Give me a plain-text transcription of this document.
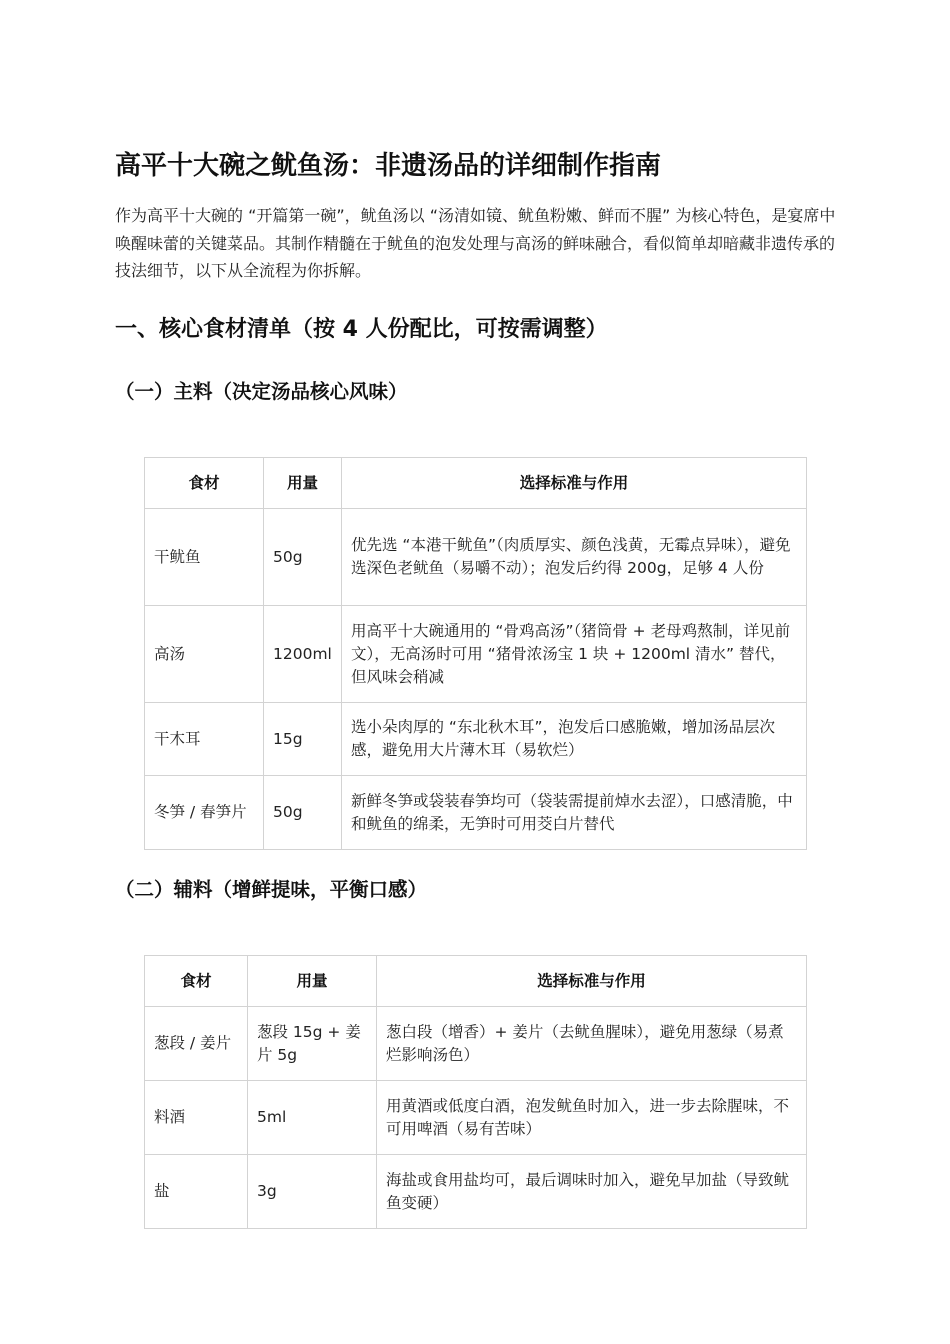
高平十大碗之鱿鱼汤：非遗汤品的详细制作指南

作为高平十大碗的 “开篇第一碗”，鱿鱼汤以 “汤清如镜、鱿鱼粉嫩、鲜而不腥” 为核心特色，是宴席中唤醒味蕾的关键菜品。其制作精髓在于鱿鱼的泡发处理与高汤的鲜味融合，看似简单却暗藏非遗传承的技法细节，以下从全流程为你拆解。

一、核心食材清单（按 4 人份配比，可按需调整）
（一）主料（决定汤品核心风味）
食材	用量	选择标准与作用
干鱿鱼	50g	优先选 “本港干鱿鱼”（肉质厚实、颜色浅黄，无霉点异味），避免选深色老鱿鱼（易嚼不动）；泡发后约得 200g，足够 4 人份
高汤	1200ml	用高平十大碗通用的 “骨鸡高汤”（猪筒骨 + 老母鸡熬制，详见前文），无高汤时可用 “猪骨浓汤宝 1 块 + 1200ml 清水” 替代，但风味会稍减
干木耳	15g	选小朵肉厚的 “东北秋木耳”，泡发后口感脆嫩，增加汤品层次感，避免用大片薄木耳（易软烂）
冬笋 / 春笋片	50g	新鲜冬笋或袋装春笋均可（袋装需提前焯水去涩），口感清脆，中和鱿鱼的绵柔，无笋时可用茭白片替代
（二）辅料（增鲜提味，平衡口感）
食材	用量	选择标准与作用
葱段 / 姜片	葱段 15g + 姜片 5g	葱白段（增香）+ 姜片（去鱿鱼腥味），避免用葱绿（易煮烂影响汤色）
料酒	5ml	用黄酒或低度白酒，泡发鱿鱼时加入，进一步去除腥味，不可用啤酒（易有苦味）
盐	3g	海盐或食用盐均可，最后调味时加入，避免早加盐（导致鱿鱼变硬）
